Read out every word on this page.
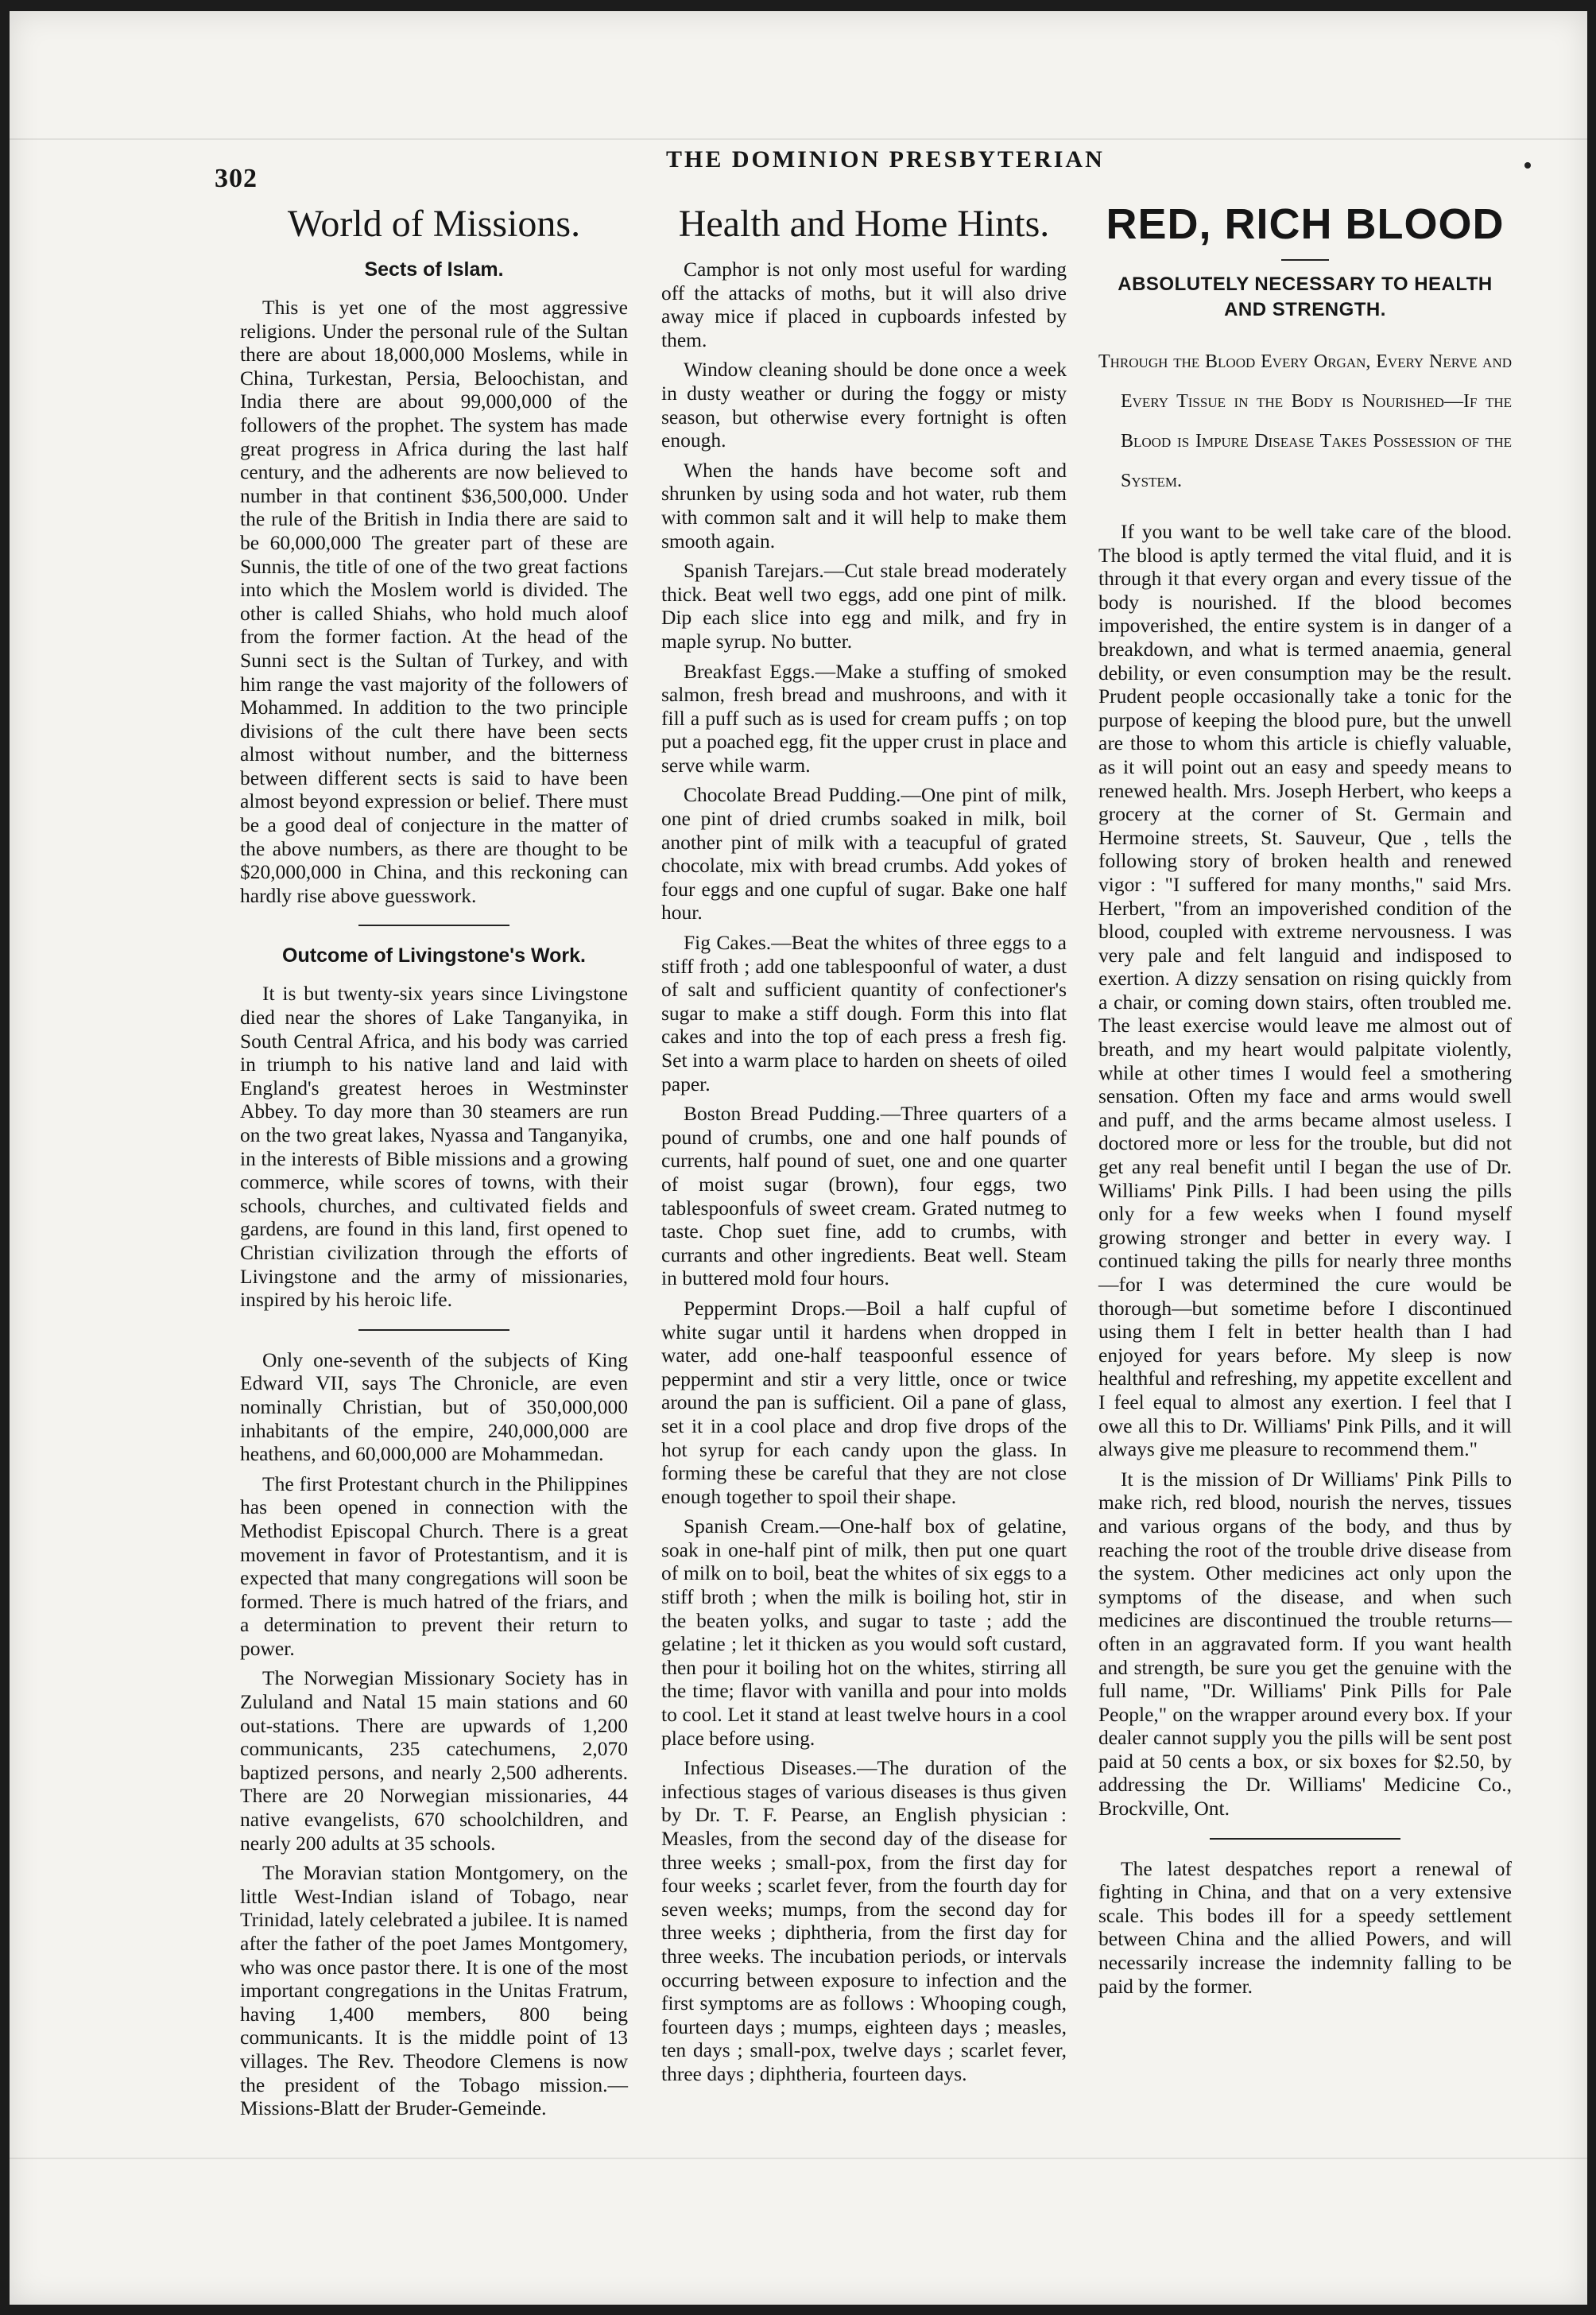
302
THE DOMINION PRESBYTERIAN
World of Missions.
Sects of Islam.

This is yet one of the most aggressive religions. Under the personal rule of the Sultan there are about 18,000,000 Moslems, while in China, Turkestan, Persia, Beloochistan, and India there are about 99,000,000 of the followers of the prophet. The system has made great progress in Africa during the last half century, and the adherents are now believed to number in that continent $36,500,000. Under the rule of the British in India there are said to be 60,000,000 The greater part of these are Sunnis, the title of one of the two great factions into which the Moslem world is divided. The other is called Shiahs, who hold much aloof from the former faction. At the head of the Sunni sect is the Sultan of Turkey, and with him range the vast majority of the followers of Mohammed. In addition to the two principle divisions of the cult there have been sects almost without number, and the bitterness between different sects is said to have been almost beyond expression or belief. There must be a good deal of conjecture in the matter of the above numbers, as there are thought to be $20,000,000 in China, and this reckoning can hardly rise above guesswork.

Outcome of Livingstone's Work.

It is but twenty-six years since Livingstone died near the shores of Lake Tanganyika, in South Central Africa, and his body was carried in triumph to his native land and laid with England's greatest heroes in Westminster Abbey. To day more than 30 steamers are run on the two great lakes, Nyassa and Tanganyika, in the interests of Bible missions and a growing commerce, while scores of towns, with their schools, churches, and cultivated fields and gardens, are found in this land, first opened to Christian civilization through the efforts of Livingstone and the army of missionaries, inspired by his heroic life.

Only one-seventh of the subjects of King Edward VII, says The Chronicle, are even nominally Christian, but of 350,000,000 inhabitants of the empire, 240,000,000 are heathens, and 60,000,000 are Mohammedan.

The first Protestant church in the Philippines has been opened in connection with the Methodist Episcopal Church. There is a great movement in favor of Protestantism, and it is expected that many congregations will soon be formed. There is much hatred of the friars, and a determination to prevent their return to power.

The Norwegian Missionary Society has in Zululand and Natal 15 main stations and 60 out-stations. There are upwards of 1,200 communicants, 235 catechumens, 2,070 baptized persons, and nearly 2,500 adherents. There are 20 Norwegian missionaries, 44 native evangelists, 670 schoolchildren, and nearly 200 adults at 35 schools.

The Moravian station Montgomery, on the little West-Indian island of Tobago, near Trinidad, lately celebrated a jubilee. It is named after the father of the poet James Montgomery, who was once pastor there. It is one of the most important congregations in the Unitas Fratrum, having 1,400 members, 800 being communicants. It is the middle point of 13 villages. The Rev. Theodore Clemens is now the president of the Tobago mission.—Missions-Blatt der Bruder-Gemeinde.

Health and Home Hints.

Camphor is not only most useful for warding off the attacks of moths, but it will also drive away mice if placed in cupboards infested by them.

Window cleaning should be done once a week in dusty weather or during the foggy or misty season, but otherwise every fortnight is often enough.

When the hands have become soft and shrunken by using soda and hot water, rub them with common salt and it will help to make them smooth again.

Spanish Tarejars.—Cut stale bread moderately thick. Beat well two eggs, add one pint of milk. Dip each slice into egg and milk, and fry in maple syrup. No butter.

Breakfast Eggs.—Make a stuffing of smoked salmon, fresh bread and mushroons, and with it fill a puff such as is used for cream puffs ; on top put a poached egg, fit the upper crust in place and serve while warm.

Chocolate Bread Pudding.—One pint of milk, one pint of dried crumbs soaked in milk, boil another pint of milk with a teacupful of grated chocolate, mix with bread crumbs. Add yokes of four eggs and one cupful of sugar. Bake one half hour.

Fig Cakes.—Beat the whites of three eggs to a stiff froth ; add one tablespoonful of water, a dust of salt and sufficient quantity of confectioner's sugar to make a stiff dough. Form this into flat cakes and into the top of each press a fresh fig. Set into a warm place to harden on sheets of oiled paper.

Boston Bread Pudding.—Three quarters of a pound of crumbs, one and one half pounds of currents, half pound of suet, one and one quarter of moist sugar (brown), four eggs, two tablespoonfuls of sweet cream. Grated nutmeg to taste. Chop suet fine, add to crumbs, with currants and other ingredients. Beat well. Steam in buttered mold four hours.

Peppermint Drops.—Boil a half cupful of white sugar until it hardens when dropped in water, add one-half teaspoonful essence of peppermint and stir a very little, once or twice around the pan is sufficient. Oil a pane of glass, set it in a cool place and drop five drops of the hot syrup for each candy upon the glass. In forming these be careful that they are not close enough together to spoil their shape.

Spanish Cream.—One-half box of gelatine, soak in one-half pint of milk, then put one quart of milk on to boil, beat the whites of six eggs to a stiff broth ; when the milk is boiling hot, stir in the beaten yolks, and sugar to taste ; add the gelatine ; let it thicken as you would soft custard, then pour it boiling hot on the whites, stirring all the time; flavor with vanilla and pour into molds to cool. Let it stand at least twelve hours in a cool place before using.

Infectious Diseases.—The duration of the infectious stages of various diseases is thus given by Dr. T. F. Pearse, an English physician : Measles, from the second day of the disease for three weeks ; small-pox, from the first day for four weeks ; scarlet fever, from the fourth day for seven weeks; mumps, from the second day for three weeks ; diphtheria, from the first day for three weeks. The incubation periods, or intervals occurring between exposure to infection and the first symptoms are as follows : Whooping cough, fourteen days ; mumps, eighteen days ; measles, ten days ; small-pox, twelve days ; scarlet fever, three days ; diphtheria, fourteen days.

RED, RICH BLOOD
ABSOLUTELY NECESSARY TO HEALTH AND STRENGTH.
Through the Blood Every Organ, Every Nerve and Every Tissue in the Body is Nourished—If the Blood is Impure Disease Takes Possession of the System.

If you want to be well take care of the blood. The blood is aptly termed the vital fluid, and it is through it that every organ and every tissue of the body is nourished. If the blood becomes impoverished, the entire system is in danger of a breakdown, and what is termed anaemia, general debility, or even consumption may be the result. Prudent people occasionally take a tonic for the purpose of keeping the blood pure, but the unwell are those to whom this article is chiefly valuable, as it will point out an easy and speedy means to renewed health. Mrs. Joseph Herbert, who keeps a grocery at the corner of St. Germain and Hermoine streets, St. Sauveur, Que , tells the following story of broken health and renewed vigor : "I suffered for many months," said Mrs. Herbert, "from an impoverished condition of the blood, coupled with extreme nervousness. I was very pale and felt languid and indisposed to exertion. A dizzy sensation on rising quickly from a chair, or coming down stairs, often troubled me. The least exercise would leave me almost out of breath, and my heart would palpitate violently, while at other times I would feel a smothering sensation. Often my face and arms would swell and puff, and the arms became almost useless. I doctored more or less for the trouble, but did not get any real benefit until I began the use of Dr. Williams' Pink Pills. I had been using the pills only for a few weeks when I found myself growing stronger and better in every way. I continued taking the pills for nearly three months—for I was determined the cure would be thorough—but sometime before I discontinued using them I felt in better health than I had enjoyed for years before. My sleep is now healthful and refreshing, my appetite excellent and I feel equal to almost any exertion. I feel that I owe all this to Dr. Williams' Pink Pills, and it will always give me pleasure to recommend them."

It is the mission of Dr Williams' Pink Pills to make rich, red blood, nourish the nerves, tissues and various organs of the body, and thus by reaching the root of the trouble drive disease from the system. Other medicines act only upon the symptoms of the disease, and when such medicines are discontinued the trouble returns—often in an aggravated form. If you want health and strength, be sure you get the genuine with the full name, "Dr. Williams' Pink Pills for Pale People," on the wrapper around every box. If your dealer cannot supply you the pills will be sent post paid at 50 cents a box, or six boxes for $2.50, by addressing the Dr. Williams' Medicine Co., Brockville, Ont.

The latest despatches report a renewal of fighting in China, and that on a very extensive scale. This bodes ill for a speedy settlement between China and the allied Powers, and will necessarily increase the indemnity falling to be paid by the former.
